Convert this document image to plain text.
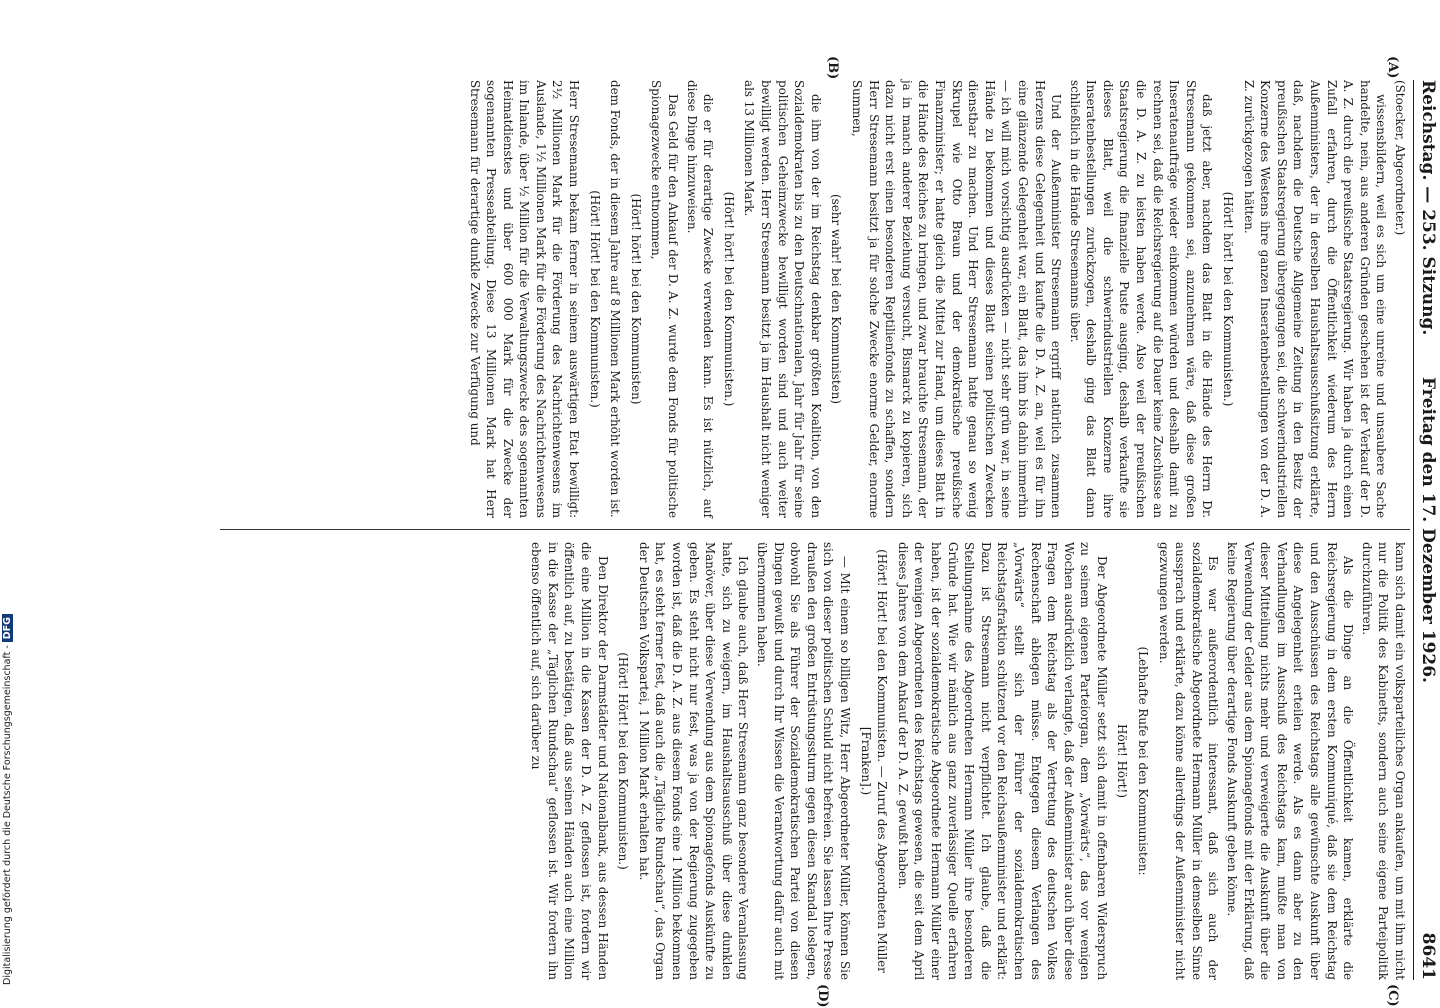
Reichstag. — 253. Sitzung.
Freitag den 17. Dezember 1926.
8641

(Stoecker, Abgeordneter.)

wissensbildern, weil es sich um eine unreine und unsaubere Sache handelte, nein, aus anderen Gründen geschehen ist der Verkauf der D. A. Z. durch die preußische Staatsregierung. Wir haben ja durch einen Zufall erfahren, durch die Öffentlichkeit wiederum des Herrn Außenministers, der in derselben Haushaltsausschußsitzung erklärte, daß, nachdem die Deutsche Allgemeine Zeitung in den Besitz der preußischen Staatsregierung übergegangen sei, die schwerindustriellen Konzerne des Westens ihre ganzen Inseratenbestellungen von der D. A. Z. zurückgezogen hätten.

(Hört! hört! bei den Kommunisten.)

daß jetzt aber, nachdem das Blatt in die Hände des Herrn Dr. Stresemann gekommen sei, anzunehmen wäre, daß diese großen Inseratenaufträge wieder einkommen würden und deshalb damit zu rechnen sei, daß die Reichsregierung auf die Dauer keine Zuschüsse an die D. A. Z. zu leisten haben werde. Also weil der preußischen Staatsregierung die finanzielle Puste ausging, deshalb verkaufte sie dieses Blatt, weil die schwerindustriellen Konzerne ihre Inseratenbestellungen zurückzogen, deshalb ging das Blatt dann schließlich in die Hände Stresemanns über.

Und der Außenminister Stresemann ergriff natürlich zusammen Herzens diese Gelegenheit und kaufte die D. A. Z. an, weil es für ihn eine glänzende Gelegenheit war, ein Blatt, das ihm bis dahin immerhin — ich will mich vorsichtig ausdrücken — nicht sehr grün war, in seine Hände zu bekommen und dieses Blatt seinen politischen Zwecken dienstbar zu machen. Und Herr Stresemann hatte genau so wenig Skrupel wie Otto Braun und der demokratische preußische Finanzminister; er hatte gleich die Mittel zur Hand, um dieses Blatt in die Hände des Reiches zu bringen, und zwar brauchte Stresemann, der ja in manch anderer Beziehung versucht, Bismarck zu kopieren, sich dazu nicht erst einen besonderen Reptilienfonds zu schaffen, sondern Herr Stresemann besitzt ja für solche Zwecke enorme Gelder, enorme Summen,

(sehr wahr! bei den Kommunisten)

die ihm von der im Reichstag denkbar größten Koalition, von den Sozialdemokraten bis zu den Deutschnationalen, Jahr für Jahr für seine politischen Geheimzwecke bewilligt worden sind und auch weiter bewilligt werden. Herr Stresemann besitzt ja im Haushalt nicht weniger als 13 Millionen Mark.

(Hört! hört! bei den Kommunisten.)

die er für derartige Zwecke verwenden kann. Es ist nützlich, auf diese Dinge hinzuweisen.

Das Geld für den Ankauf der D. A. Z. wurde dem Fonds für politische Spionagezwecke entnommen,

(Hört! hört! bei den Kommunisten)

dem Fonds, der in diesem Jahre auf 8 Millionen Mark erhöht worden ist.

(Hört! Hört! bei den Kommunisten.)

Herr Stresemann bekam ferner in seinem auswärtigen Etat bewilligt: 2½ Millionen Mark für die Förderung des Nachrichtenwesens im Auslande, 1½ Millionen Mark für die Förderung des Nachrichtenwesens im Inlande, über ½ Million für die Verwaltungszwecke des sogenannten Heimatdienstes und über 600 000 Mark für die Zwecke der sogenannten Presseabteilung. Diese 13 Millionen Mark hat Herr Stresemann für derartige dunkle Zwecke zur Verfügung und

kann sich damit ein volksparteiliches Organ ankaufen, um mit ihm nicht nur die Politik des Kabinetts, sondern auch seine eigene Parteipolitik durchzuführen.

Als die Dinge an die Öffentlichkeit kamen, erklärte die Reichsregierung in dem ersten Kommuniqué, daß sie dem Reichstag und den Ausschüssen des Reichstags alle gewünschte Auskunft über diese Angelegenheit erteilen werde. Als es dann aber zu den Verhandlungen im Ausschuß des Reichstags kam, mußte man von dieser Mitteilung nichts mehr und verweigerte die Auskunft über die Verwendung der Gelder aus dem Spionagefonds mit der Erklärung, daß keine Regierung über derartige Fonds Auskunft geben könne.

Es war außerordentlich interessant, daß sich auch der sozialdemokratische Abgeordnete Hermann Müller in demselben Sinne aussprach und erklärte, dazu könne allerdings der Außenminister nicht gezwungen werden.

(Lebhafte Rufe bei den Kommunisten:

Hört! Hört!)

Der Abgeordnete Müller setzt sich damit in offenbaren Widerspruch zu seinem eigenen Parteiorgan, dem „Vorwärts“, das vor wenigen Wochen ausdrücklich verlangte, daß der Außenminister auch über diese Fragen dem Reichstag als der Vertretung des deutschen Volkes Rechenschaft ablegen müsse. Entgegen diesem Verlangen des „Vorwärts“ stellt sich der Führer der sozialdemokratischen Reichstagsfraktion schützend vor den Reichsaußenminister und erklärt: Dazu ist Stresemann nicht verpflichtet. Ich glaube, daß die Stellungnahme des Abgeordneten Hermann Müller ihre besonderen Gründe hat. Wie wir nämlich aus ganz zuverlässiger Quelle erfahren haben, ist der sozialdemokratische Abgeordnete Hermann Müller einer der wenigen Abgeordneten des Reichstags gewesen, die seit dem April dieses Jahres von dem Ankauf der D. A. Z. gewußt haben.

(Hört! Hört! bei den Kommunisten. — Zuruf des Abgeordneten Müller [Franken].)

— Mit einem so billigen Witz, Herr Abgeordneter Müller, können Sie sich von dieser politischen Schuld nicht befreien. Sie lassen Ihre Presse draußen den großen Entrüstungssturm gegen diesen Skandal loslegen, obwohl Sie als Führer der Sozialdemokratischen Partei von diesen Dingen gewußt und durch Ihr Wissen die Verantwortung dafür auch mit übernommen haben.

Ich glaube auch, daß Herr Stresemann ganz besondere Veranlassung hatte, sich zu weigern, im Haushaltsausschuß über diese dunklen Manöver, über diese Verwendung aus dem Spionagefonds Auskünfte zu geben. Es steht nicht nur fest, was ja von der Regierung zugegeben worden ist, daß die D. A. Z. aus diesem Fonds eine 1 Million bekommen hat, es steht ferner fest, daß auch die „Tägliche Rundschau“, das Organ der Deutschen Volkspartei, 1 Million Mark erhalten hat.

(Hört! Hört! bei den Kommunisten.)

Den Direktor der Darmstädter und Nationalbank, aus dessen Händen die eine Million in die Kassen der D. A. Z. geflossen ist, fordern wir öffentlich auf, zu bestätigen, daß aus seinen Händen auch eine Million in die Kasse der „Täglichen Rundschau“ geflossen ist. Wir fordern ihn ebenso öffentlich auf, sich darüber zu

(A)
(B)
(C)
(D)
Digitalisierung gefördert durch die Deutsche Forschungsgemeinschaft -DFG
